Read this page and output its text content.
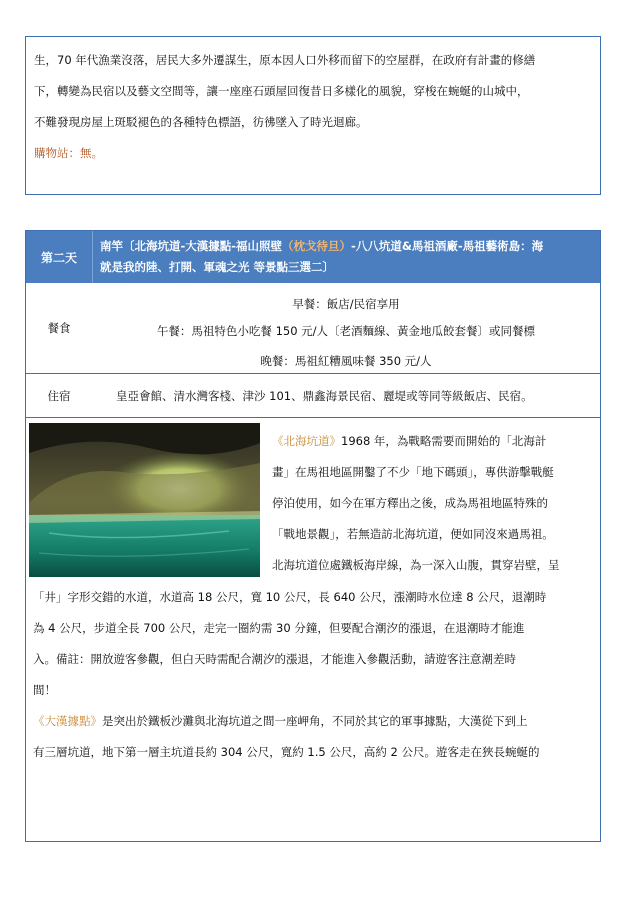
生，70 年代漁業沒落，居民大多外遷謀生，原本因人口外移而留下的空屋群，在政府有計畫的修繕

下，轉變為民宿以及藝文空間等，讓一座座石頭屋回復昔日多樣化的風貌，穿梭在蜿蜒的山城中，

不難發現房屋上斑駁褪色的各種特色標語，彷彿墜入了時光迴廊。

購物站：無。

第二天
南竿〔北海坑道-大漢據點-福山照壁（枕戈待旦）-八八坑道&馬祖酒廠-馬祖藝術島：海
就是我的陸、打開、軍魂之光 等景點三選二〕
餐食
早餐：飯店/民宿享用
午餐：馬祖特色小吃餐 150 元/人〔老酒麵線、黃金地瓜餃套餐〕或同餐標
晚餐：馬祖紅糟風味餐 350 元/人
住宿	皇亞會館、清水灣客棧、津沙 101、鼎鑫海景民宿、麗堤或等同等級飯店、民宿。

《北海坑道》1968 年，為戰略需要而開始的「北海計

畫」在馬祖地區開鑿了不少「地下碼頭」，專供游擊戰艇

停泊使用，如今在軍方釋出之後，成為馬祖地區特殊的

「戰地景觀」，若無造訪北海坑道，便如同沒來過馬祖。

北海坑道位處鐵板海岸線，為一深入山腹，貫穿岩壁，呈

「井」字形交錯的水道，水道高 18 公尺，寬 10 公尺，長 640 公尺，漲潮時水位達 8 公尺，退潮時

為 4 公尺，步道全長 700 公尺，走完一圈約需 30 分鐘，但要配合潮汐的漲退，在退潮時才能進

入。備註：開放遊客參觀，但白天時需配合潮汐的漲退，才能進入參觀活動，請遊客注意潮差時

間！

《大漢據點》是突出於鐵板沙灘與北海坑道之間一座岬角，不同於其它的軍事據點，大漢從下到上

有三層坑道，地下第一層主坑道長約 304 公尺，寬約 1.5 公尺，高約 2 公尺。遊客走在狹長蜿蜒的
